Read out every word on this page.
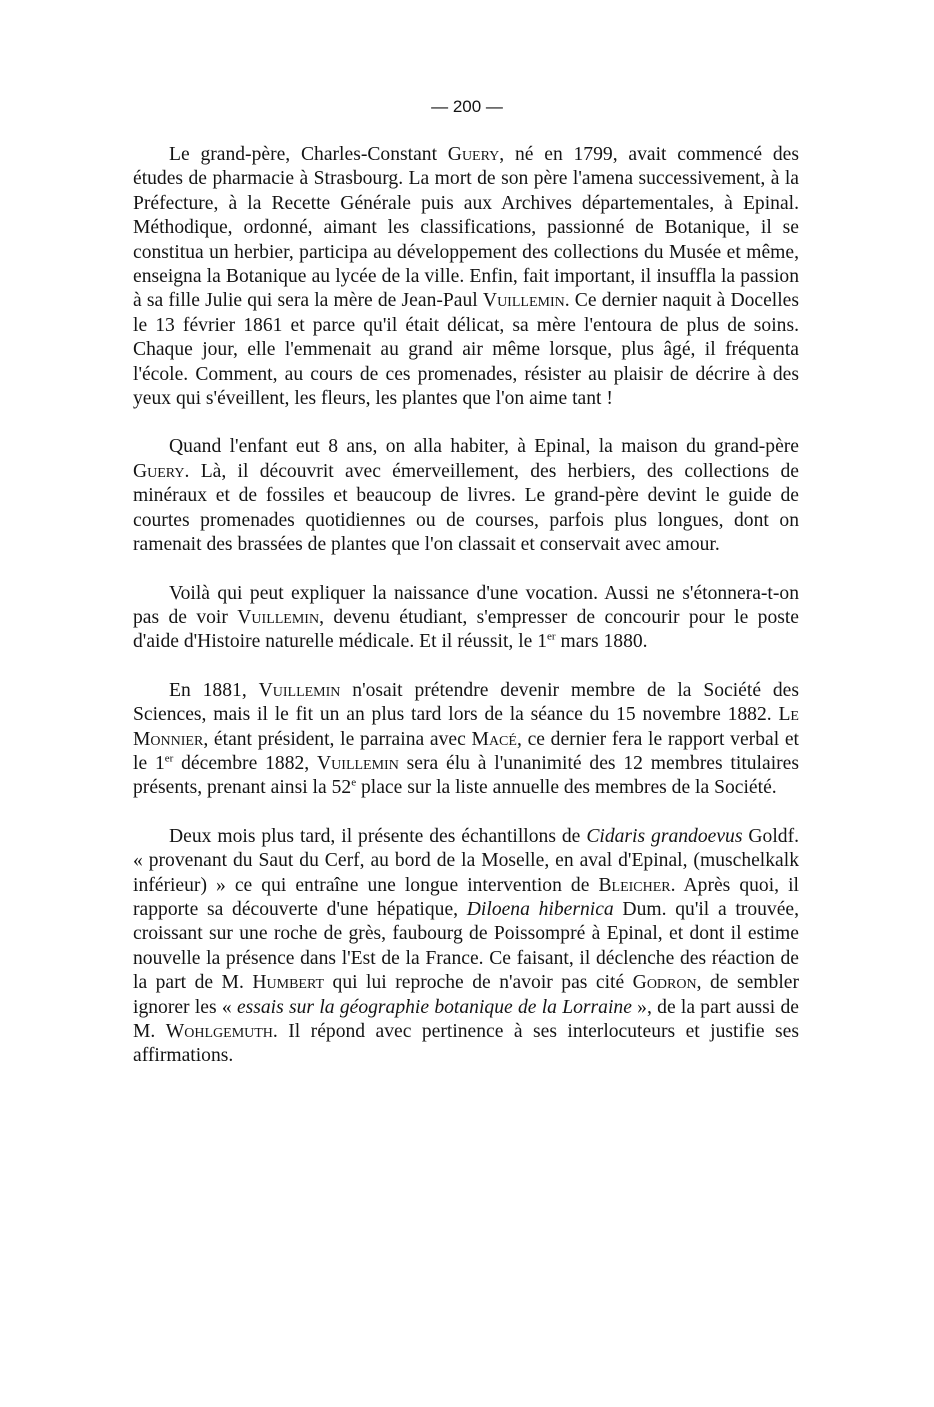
— 200 —

Le grand-père, Charles-Constant Guery, né en 1799, avait commencé des études de pharmacie à Strasbourg. La mort de son père l'amena successivement, à la Préfecture, à la Recette Générale puis aux Archives départementales, à Epinal. Méthodique, ordonné, aimant les classifications, passionné de Botanique, il se constitua un herbier, participa au développement des collections du Musée et même, enseigna la Botanique au lycée de la ville. Enfin, fait important, il insuffla la passion à sa fille Julie qui sera la mère de Jean-Paul Vuillemin. Ce dernier naquit à Docelles le 13 février 1861 et parce qu'il était délicat, sa mère l'entoura de plus de soins. Chaque jour, elle l'emmenait au grand air même lorsque, plus âgé, il fréquenta l'école. Comment, au cours de ces promenades, résister au plaisir de décrire à des yeux qui s'éveillent, les fleurs, les plantes que l'on aime tant !

Quand l'enfant eut 8 ans, on alla habiter, à Epinal, la maison du grand-père Guery. Là, il découvrit avec émerveillement, des herbiers, des collections de minéraux et de fossiles et beaucoup de livres. Le grand-père devint le guide de courtes promenades quotidiennes ou de courses, parfois plus longues, dont on ramenait des brassées de plantes que l'on classait et conservait avec amour.

Voilà qui peut expliquer la naissance d'une vocation. Aussi ne s'étonnera-t-on pas de voir Vuillemin, devenu étudiant, s'empresser de concourir pour le poste d'aide d'Histoire naturelle médicale. Et il réussit, le 1er mars 1880.

En 1881, Vuillemin n'osait prétendre devenir membre de la Société des Sciences, mais il le fit un an plus tard lors de la séance du 15 novembre 1882. Le Monnier, étant président, le parraina avec Macé, ce dernier fera le rapport verbal et le 1er décembre 1882, Vuillemin sera élu à l'unanimité des 12 membres titulaires présents, prenant ainsi la 52e place sur la liste annuelle des membres de la Société.

Deux mois plus tard, il présente des échantillons de Cidaris grandoevus Goldf. « provenant du Saut du Cerf, au bord de la Moselle, en aval d'Epinal, (muschelkalk inférieur) » ce qui entraîne une longue intervention de Bleicher. Après quoi, il rapporte sa découverte d'une hépatique, Diloena hibernica Dum. qu'il a trouvée, croissant sur une roche de grès, faubourg de Poissompré à Epinal, et dont il estime nouvelle la présence dans l'Est de la France. Ce faisant, il déclenche des réaction de la part de M. Humbert qui lui reproche de n'avoir pas cité Godron, de sembler ignorer les « essais sur la géographie botanique de la Lorraine », de la part aussi de M. Wohlgemuth. Il répond avec pertinence à ses interlocuteurs et justifie ses affirmations.
